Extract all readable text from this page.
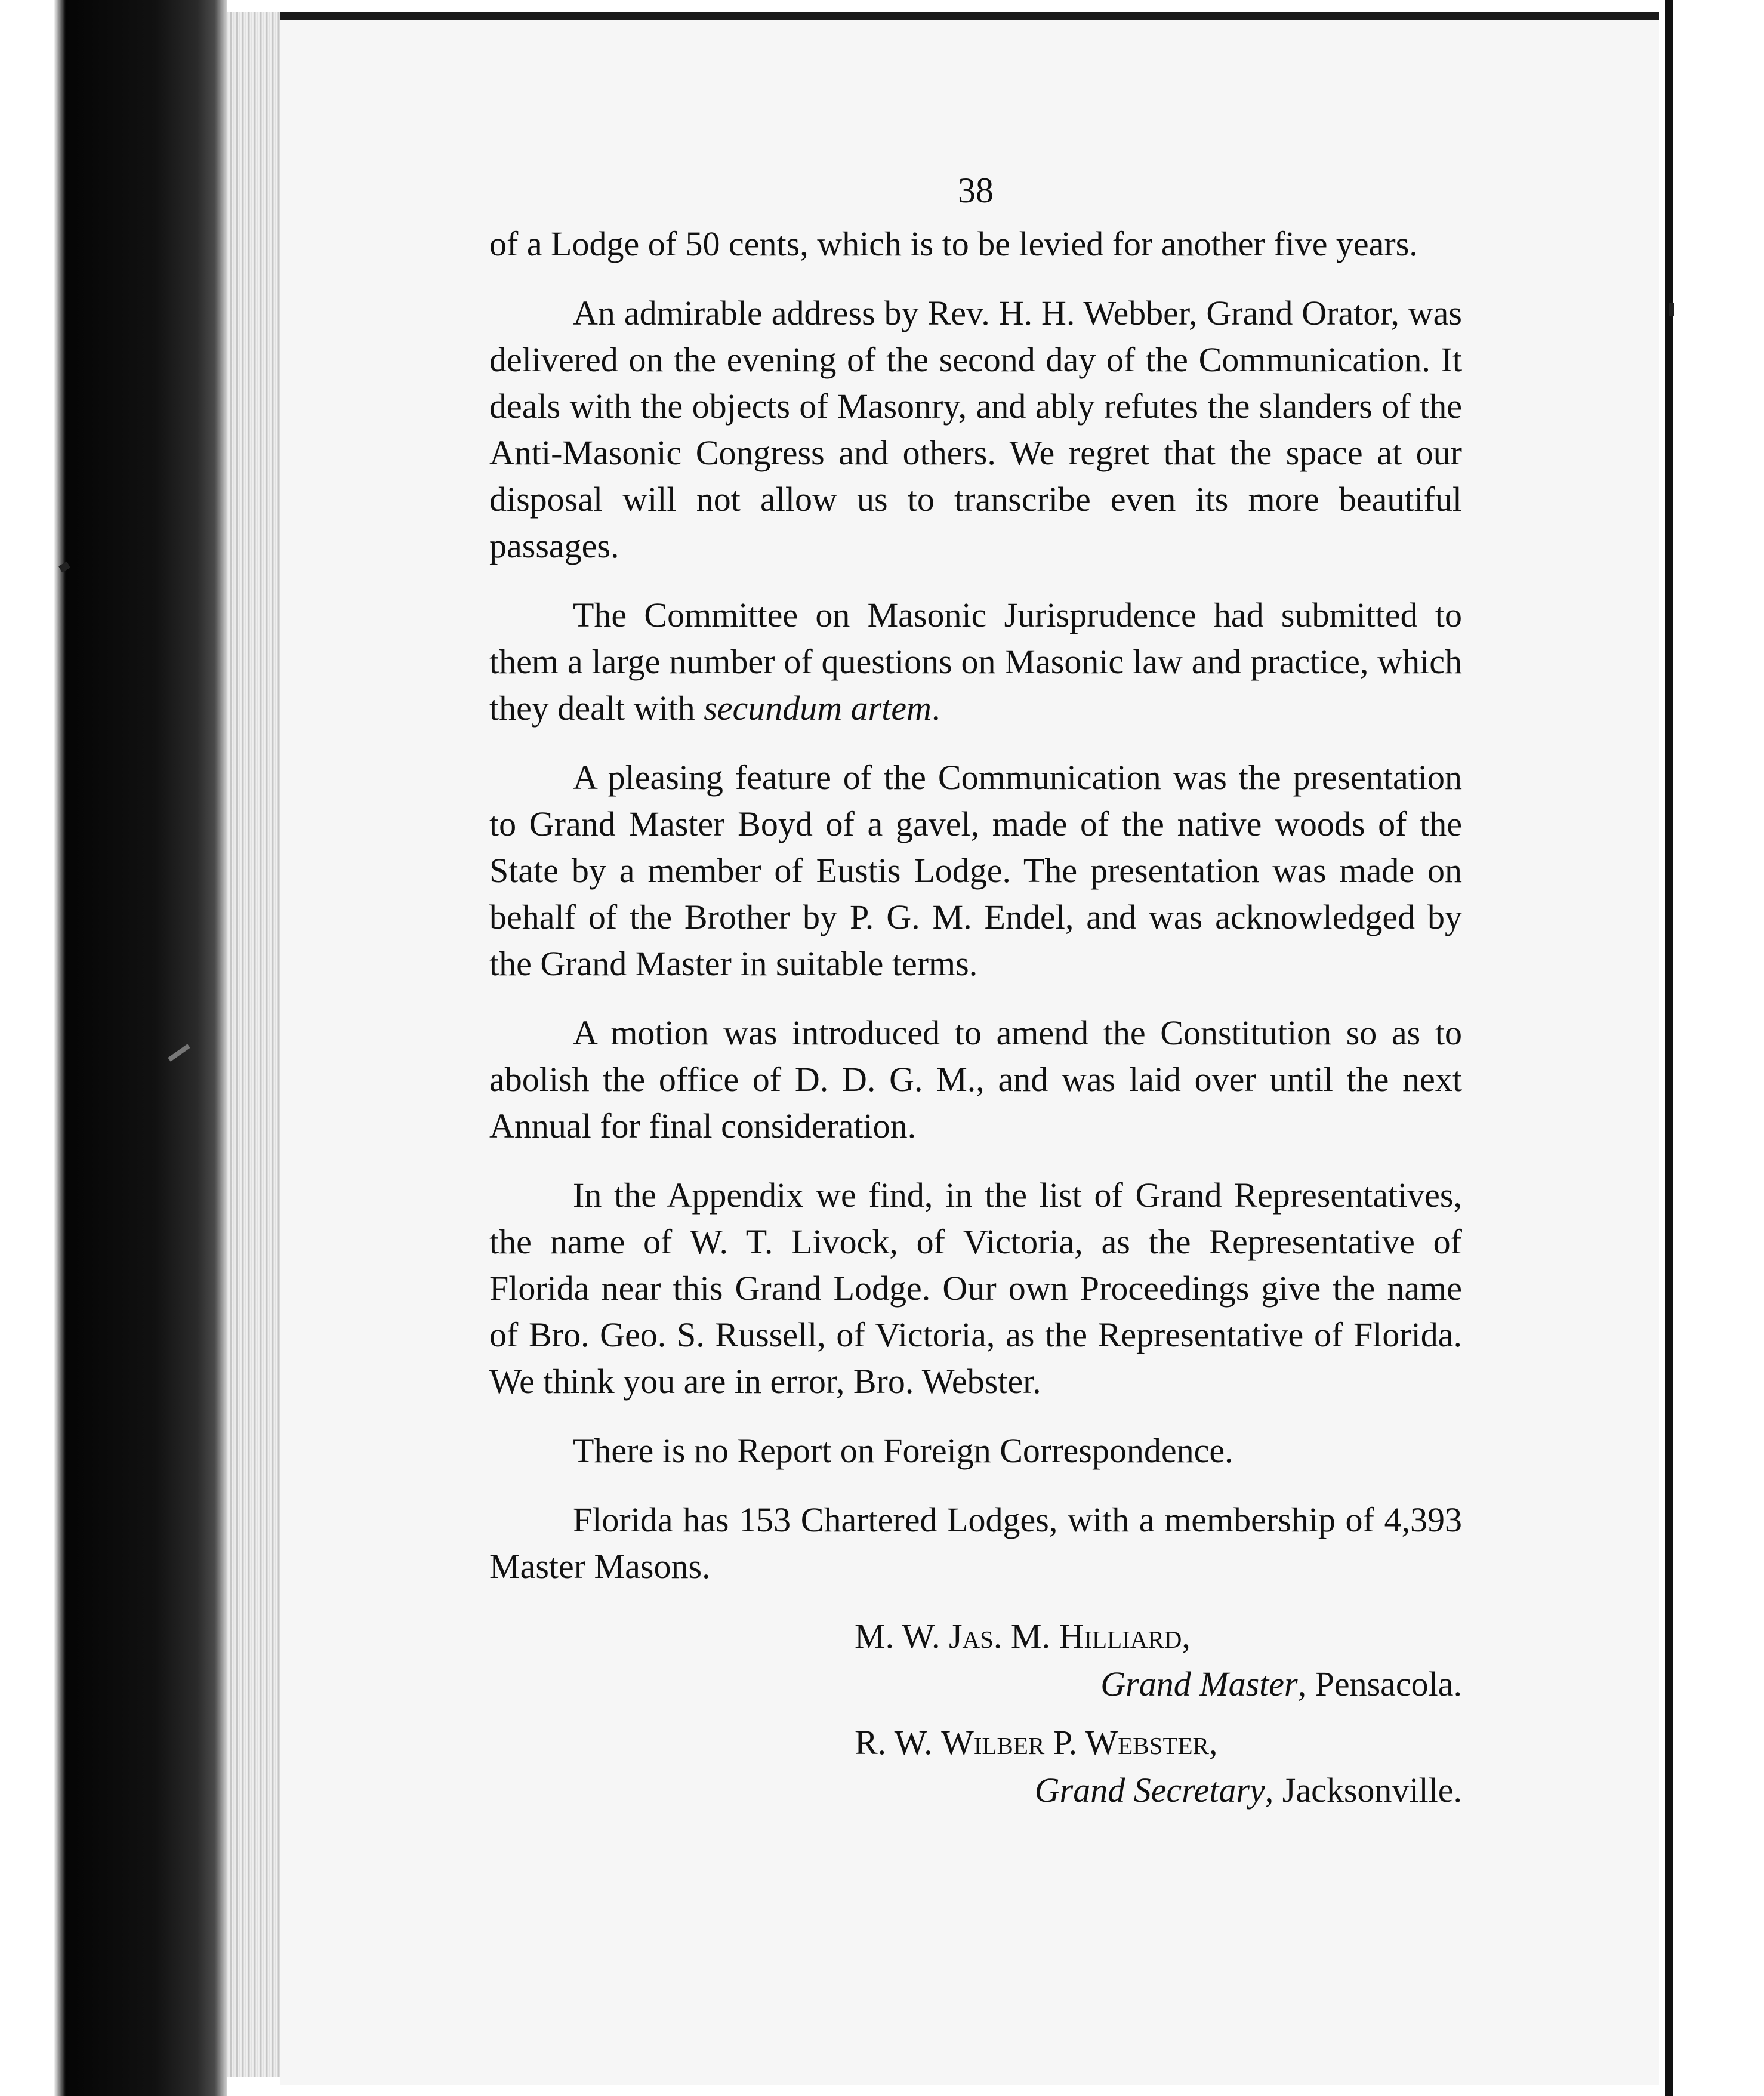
38

of a Lodge of 50 cents, which is to be levied for another five years.

An admirable address by Rev. H. H. Webber, Grand Orator, was delivered on the evening of the second day of the Communication. It deals with the objects of Masonry, and ably refutes the slanders of the Anti-Masonic Congress and others. We regret that the space at our disposal will not allow us to transcribe even its more beautiful passages.

The Committee on Masonic Jurisprudence had submitted to them a large number of questions on Masonic law and practice, which they dealt with secundum artem.

A pleasing feature of the Communication was the presentation to Grand Master Boyd of a gavel, made of the native woods of the State by a member of Eustis Lodge. The presentation was made on behalf of the Brother by P. G. M. Endel, and was acknowledged by the Grand Master in suitable terms.

A motion was introduced to amend the Constitution so as to abolish the office of D. D. G. M., and was laid over until the next Annual for final consideration.

In the Appendix we find, in the list of Grand Representatives, the name of W. T. Livock, of Victoria, as the Representative of Florida near this Grand Lodge. Our own Proceedings give the name of Bro. Geo. S. Russell, of Victoria, as the Representative of Florida. We think you are in error, Bro. Webster.

There is no Report on Foreign Correspondence.

Florida has 153 Chartered Lodges, with a membership of 4,393 Master Masons.

M. W. Jas. M. Hilliard,
Grand Master, Pensacola.
R. W. Wilber P. Webster,
Grand Secretary, Jacksonville.
